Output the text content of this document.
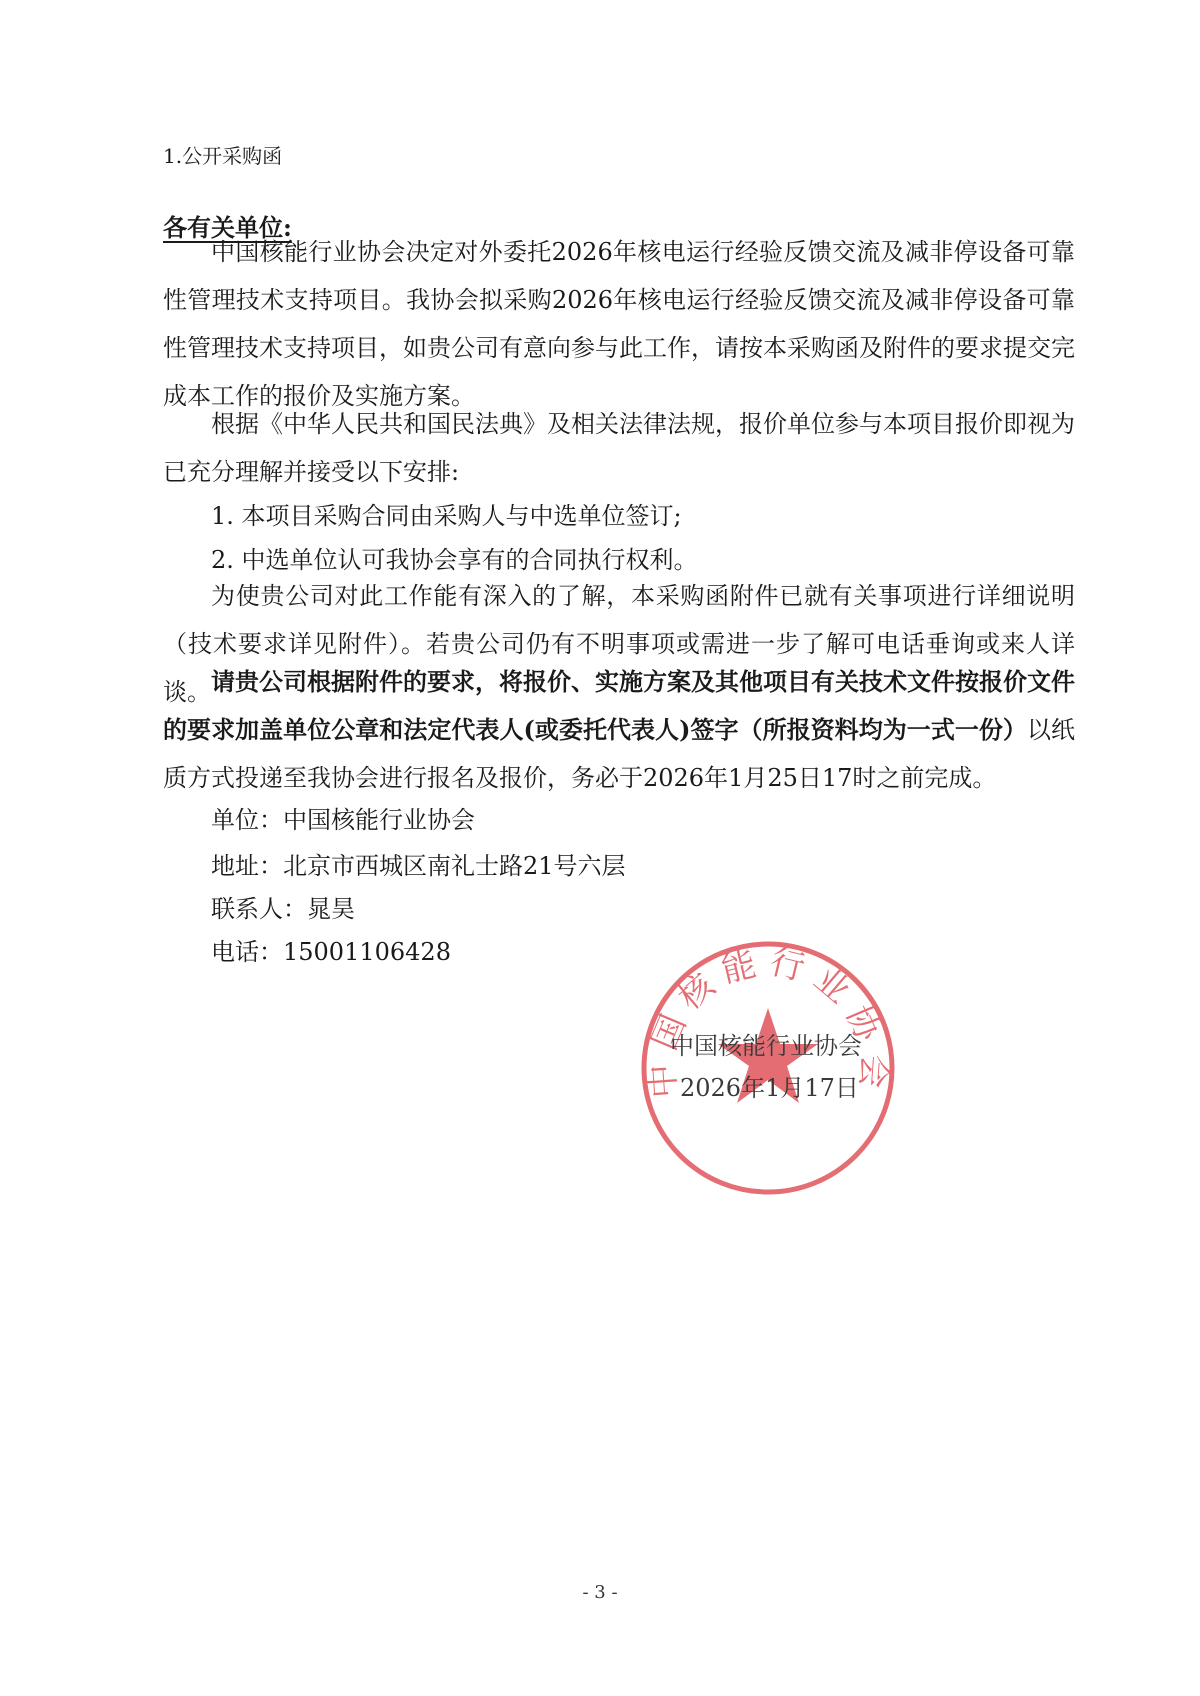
1.公开采购函
各有关单位:

中国核能行业协会决定对外委托2026年核电运行经验反馈交流及减非停设备可靠性管理技术支持项目。我协会拟采购2026年核电运行经验反馈交流及减非停设备可靠性管理技术支持项目，如贵公司有意向参与此工作，请按本采购函及附件的要求提交完成本工作的报价及实施方案。

根据《中华人民共和国民法典》及相关法律法规，报价单位参与本项目报价即视为已充分理解并接受以下安排:

1. 本项目采购合同由采购人与中选单位签订;
2. 中选单位认可我协会享有的合同执行权利。

为使贵公司对此工作能有深入的了解，本采购函附件已就有关事项进行详细说明（技术要求详见附件）。若贵公司仍有不明事项或需进一步了解可电话垂询或来人详谈。 请贵公司根据附件的要求，将报价、实施方案及其他项目有关技术文件按报价文件的要求加盖单位公章和法定代表人(或委托代表人)签字（所报资料均为一式一份）以纸质方式投递至我协会进行报名及报价，务必于2026年1月25日17时之前完成。

单位：中国核能行业协会
地址：北京市西城区南礼士路21号六层
联系人：晁昊
电话：15001106428
中国核能行业协会
中国核能行业协会
2026年1月17日
- 3 -
